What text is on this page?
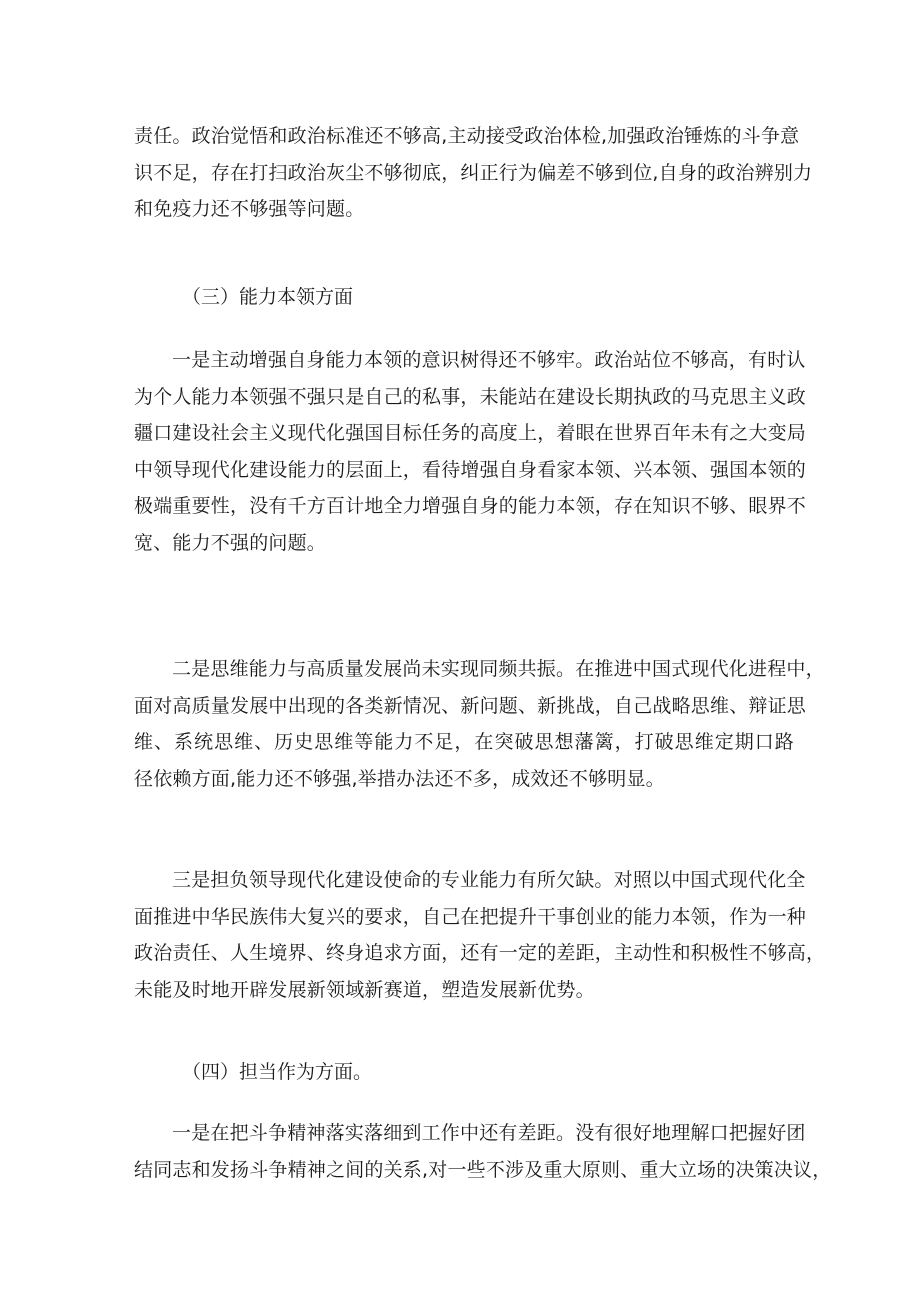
责任。政治觉悟和政治标准还不够高,主动接受政治体检,加强政治锤炼的斗争意
识不足，存在打扫政治灰尘不够彻底，纠正行为偏差不够到位,自身的政治辨别力
和免疫力还不够强等问题。
（三）能力本领方面
一是主动增强自身能力本领的意识树得还不够牢。政治站位不够高，有时认
为个人能力本领强不强只是自己的私事，未能站在建设长期执政的马克思主义政
疆口建设社会主义现代化强国目标任务的高度上，着眼在世界百年未有之大变局
中领导现代化建设能力的层面上，看待增强自身看家本领、兴本领、强国本领的
极端重要性，没有千方百计地全力增强自身的能力本领，存在知识不够、眼界不
宽、能力不强的问题。
二是思维能力与高质量发展尚未实现同频共振。在推进中国式现代化进程中，
面对高质量发展中出现的各类新情况、新问题、新挑战，自己战略思维、辩证思
维、系统思维、历史思维等能力不足，在突破思想藩篱，打破思维定期口路
径依赖方面,能力还不够强,举措办法还不多，成效还不够明显。
三是担负领导现代化建设使命的专业能力有所欠缺。对照以中国式现代化全
面推进中华民族伟大复兴的要求，自己在把提升干事创业的能力本领，作为一种
政治责任、人生境界、终身追求方面，还有一定的差距，主动性和积极性不够高，
未能及时地开辟发展新领域新赛道，塑造发展新优势。
（四）担当作为方面。
一是在把斗争精神落实落细到工作中还有差距。没有很好地理解口把握好团
结同志和发扬斗争精神之间的关系,对一些不涉及重大原则、重大立场的决策决议，
